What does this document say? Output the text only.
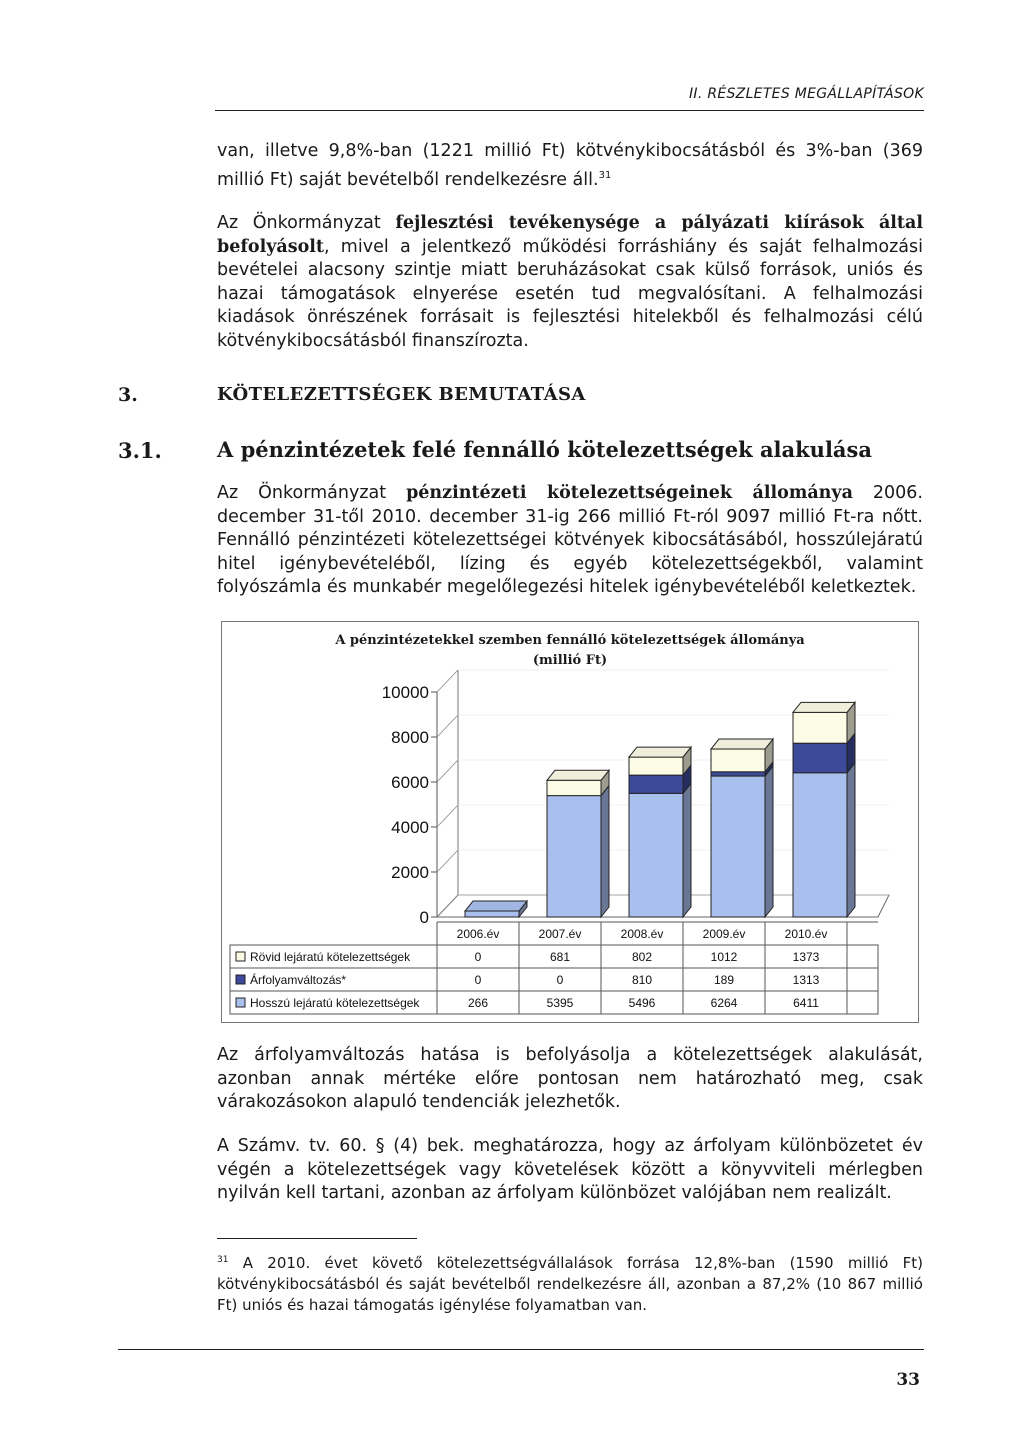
II. RÉSZLETES MEGÁLLAPÍTÁSOK

van, illetve 9,8%-ban (1221 millió Ft) kötvénykibocsátásból és 3%-ban (369 millió Ft) saját bevételből rendelkezésre áll.$^{31}$

Az Önkormányzat fejlesztési tevékenysége a pályázati kiírások által befolyásolt, mivel a jelentkező működési forráshiány és saját felhalmozási bevételei alacsony szintje miatt beruházásokat csak külső források, uniós és hazai támogatások elnyerése esetén tud megvalósítani. A felhalmozási kiadások önrészének forrásait is fejlesztési hitelekből és felhalmozási célú kötvénykibocsátásból finanszírozta.

3.	KÖTELEZETTSÉGEK BEMUTATÁSA
3.1.	A pénzintézetek felé fennálló kötelezettségek alakulása

Az Önkormányzat pénzintézeti kötelezettségeinek állománya 2006. december 31-től 2010. december 31-ig 266 millió Ft-ról 9097 millió Ft-ra nőtt. Fennálló pénzintézeti kötelezettségei kötvények kibocsátásából, hosszúlejáratú hitel igénybevételéből, lízing és egyéb kötelezettségekből, valamint folyószámla és munkabér megelőlegezési hitelek igénybevételéből keletkeztek.

A pénzintézetekkel szemben fennálló kötelezettségek állománya
(millió Ft)
10000
8000
6000
4000
2000
0
2006.év	2007.év	2008.év	2009.év	2010.év
Rövid lejáratú kötelezettségek	0	681	802	1012	1373
Árfolyamváltozás*	0	0	810	189	1313
Hosszú lejáratú kötelezettségek	266	5395	5496	6264	6411

Az árfolyamváltozás hatása is befolyásolja a kötelezettségek alakulását, azonban annak mértéke előre pontosan nem határozható meg, csak várakozásokon alapuló tendenciák jelezhetők.

A Számv. tv. 60. § (4) bek. meghatározza, hogy az árfolyam különbözetet év végén a kötelezettségek vagy követelések között a könyvviteli mérlegben nyilván kell tartani, azonban az árfolyam különbözet valójában nem realizált.

$^{31}$ A 2010. évet követő kötelezettségvállalások forrása 12,8%-ban (1590 millió Ft) kötvénykibocsátásból és saját bevételből rendelkezésre áll, azonban a 87,2% (10 867 millió Ft) uniós és hazai támogatás igénylése folyamatban van.

33
